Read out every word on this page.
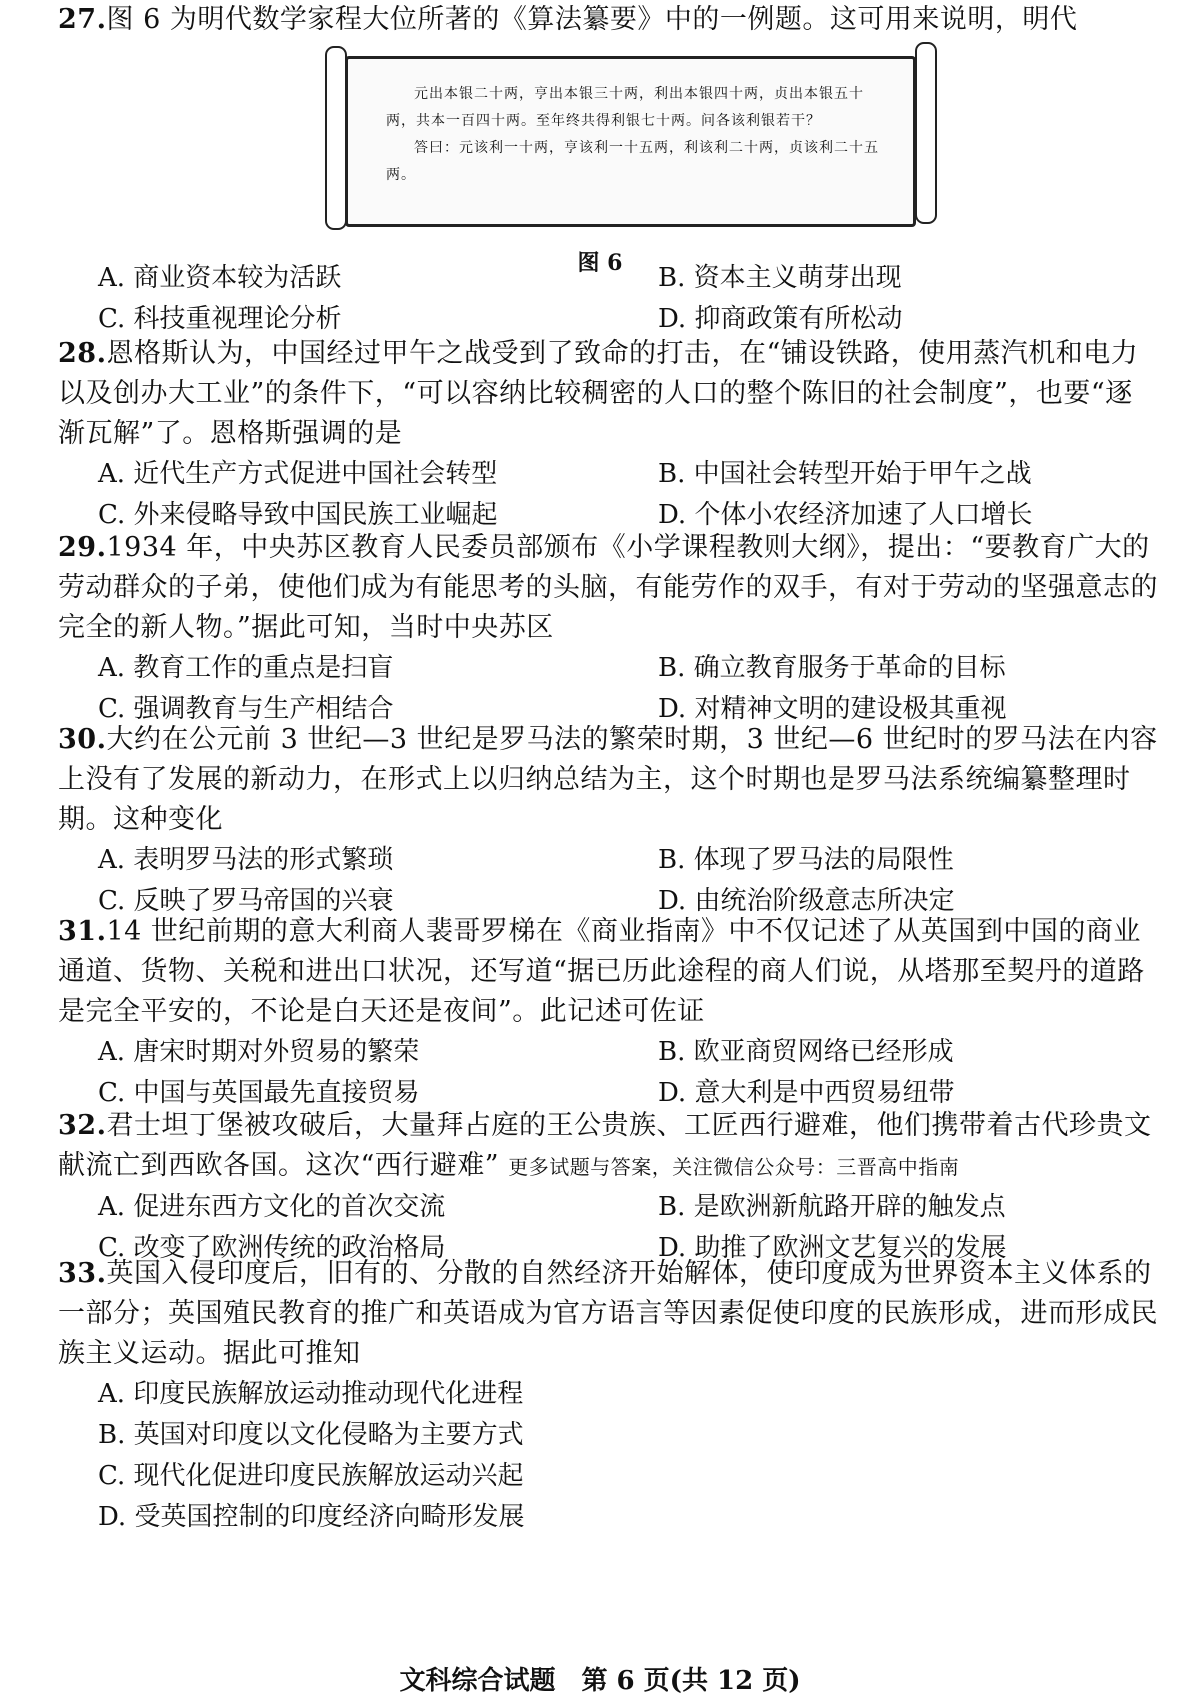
27.图 6 为明代数学家程大位所著的《算法纂要》中的一例题。这可用来说明，明代

元出本银二十两，亨出本银三十两，利出本银四十两，贞出本银五十两，共本一百四十两。至年终共得利银七十两。问各该利银若干？

答曰：元该利一十两，亨该利一十五两，利该利二十两，贞该利二十五两。

图 6
A. 商业资本较为活跃	B. 资本主义萌芽出现
C. 科技重视理论分析	D. 抑商政策有所松动

28.恩格斯认为，中国经过甲午之战受到了致命的打击，在“铺设铁路，使用蒸汽机和电力以及创办大工业”的条件下，“可以容纳比较稠密的人口的整个陈旧的社会制度”，也要“逐渐瓦解”了。恩格斯强调的是

A. 近代生产方式促进中国社会转型	B. 中国社会转型开始于甲午之战
C. 外来侵略导致中国民族工业崛起	D. 个体小农经济加速了人口增长

29.1934 年，中央苏区教育人民委员部颁布《小学课程教则大纲》，提出：“要教育广大的劳动群众的子弟，使他们成为有能思考的头脑，有能劳作的双手，有对于劳动的坚强意志的完全的新人物。”据此可知，当时中央苏区

A. 教育工作的重点是扫盲	B. 确立教育服务于革命的目标
C. 强调教育与生产相结合	D. 对精神文明的建设极其重视

30.大约在公元前 3 世纪—3 世纪是罗马法的繁荣时期，3 世纪—6 世纪时的罗马法在内容上没有了发展的新动力，在形式上以归纳总结为主，这个时期也是罗马法系统编纂整理时期。这种变化

A. 表明罗马法的形式繁琐	B. 体现了罗马法的局限性
C. 反映了罗马帝国的兴衰	D. 由统治阶级意志所决定

31.14 世纪前期的意大利商人裴哥罗梯在《商业指南》中不仅记述了从英国到中国的商业通道、货物、关税和进出口状况，还写道“据已历此途程的商人们说，从塔那至契丹的道路是完全平安的，不论是白天还是夜间”。此记述可佐证

A. 唐宋时期对外贸易的繁荣	B. 欧亚商贸网络已经形成
C. 中国与英国最先直接贸易	D. 意大利是中西贸易纽带

32.君士坦丁堡被攻破后，大量拜占庭的王公贵族、工匠西行避难，他们携带着古代珍贵文献流亡到西欧各国。这次“西行避难” 更多试题与答案，关注微信公众号：三晋高中指南

A. 促进东西方文化的首次交流	B. 是欧洲新航路开辟的触发点
C. 改变了欧洲传统的政治格局	D. 助推了欧洲文艺复兴的发展

33.英国入侵印度后，旧有的、分散的自然经济开始解体，使印度成为世界资本主义体系的一部分；英国殖民教育的推广和英语成为官方语言等因素促使印度的民族形成，进而形成民族主义运动。据此可推知

A. 印度民族解放运动推动现代化进程
B. 英国对印度以文化侵略为主要方式
C. 现代化促进印度民族解放运动兴起
D. 受英国控制的印度经济向畸形发展
文科综合试题　第 6 页(共 12 页)
